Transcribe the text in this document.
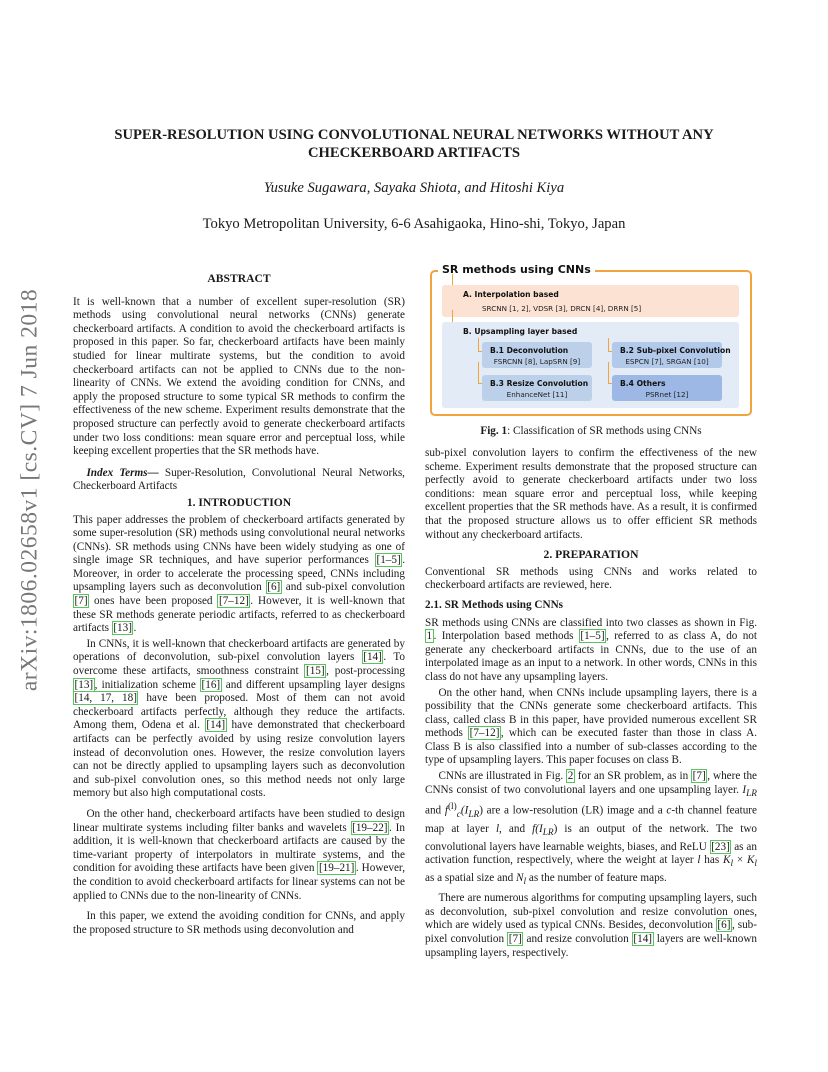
arXiv:1806.02658v1 [cs.CV] 7 Jun 2018
SUPER-RESOLUTION USING CONVOLUTIONAL NEURAL NETWORKS WITHOUT ANY
CHECKERBOARD ARTIFACTS
Yusuke Sugawara, Sayaka Shiota, and Hitoshi Kiya
Tokyo Metropolitan University, 6-6 Asahigaoka, Hino-shi, Tokyo, Japan
ABSTRACT

It is well-known that a number of excellent super-resolution (SR) methods using convolutional neural networks (CNNs) generate checkerboard artifacts. A condition to avoid the checkerboard artifacts is proposed in this paper. So far, checkerboard artifacts have been mainly studied for linear multirate systems, but the condition to avoid checkerboard artifacts can not be applied to CNNs due to the non-linearity of CNNs. We extend the avoiding condition for CNNs, and apply the proposed structure to some typical SR methods to confirm the effectiveness of the new scheme. Experiment results demonstrate that the proposed structure can perfectly avoid to generate checkerboard artifacts under two loss conditions: mean square error and perceptual loss, while keeping excellent properties that the SR methods have.

Index Terms— Super-Resolution, Convolutional Neural Networks, Checkerboard Artifacts

1. INTRODUCTION

This paper addresses the problem of checkerboard artifacts generated by some super-resolution (SR) methods using convolutional neural networks (CNNs). SR methods using CNNs have been widely studying as one of single image SR techniques, and have superior performances [1–5] . Moreover, in order to accelerate the processing speed, CNNs including upsampling layers such as deconvolution [6] and sub-pixel convolution [7] ones have been proposed [7–12] . However, it is well-known that these SR methods generate periodic artifacts, referred to as checkerboard artifacts [13] .

In CNNs, it is well-known that checkerboard artifacts are generated by operations of deconvolution, sub-pixel convolution layers [14] . To overcome these artifacts, smoothness constraint [15] , post-processing [13] , initialization scheme [16] and different upsampling layer designs [14, 17, 18] have been proposed. Most of them can not avoid checkerboard artifacts perfectly, although they reduce the artifacts. Among them, Odena et al. [14] have demonstrated that checkerboard artifacts can be perfectly avoided by using resize convolution layers instead of deconvolution ones. However, the resize convolution layers can not be directly applied to upsampling layers such as deconvolution and sub-pixel convolution ones, so this method needs not only large memory but also high computational costs.

On the other hand, checkerboard artifacts have been studied to design linear multirate systems including filter banks and wavelets [19–22] . In addition, it is well-known that checkerboard artifacts are caused by the time-variant property of interpolators in multirate systems, and the condition for avoiding these artifacts have been given [19–21] . However, the condition to avoid checkerboard artifacts for linear systems can not be applied to CNNs due to the non-linearity of CNNs.

In this paper, we extend the avoiding condition for CNNs, and apply the proposed structure to SR methods using deconvolution and

SR methods using CNNs
A. Interpolation based
SRCNN [1, 2], VDSR [3], DRCN [4], DRRN [5]
B. Upsampling layer based
B.1 Deconvolution
FSRCNN [8], LapSRN [9]
B.2 Sub-pixel Convolution
ESPCN [7], SRGAN [10]
B.3 Resize Convolution
EnhanceNet [11]
B.4 Others
PSRnet [12]
Fig. 1: Classification of SR methods using CNNs

sub-pixel convolution layers to confirm the effectiveness of the new scheme. Experiment results demonstrate that the proposed structure can perfectly avoid to generate checkerboard artifacts under two loss conditions: mean square error and perceptual loss, while keeping excellent properties that the SR methods have. As a result, it is confirmed that the proposed structure allows us to offer efficient SR methods without any checkerboard artifacts.

2. PREPARATION

Conventional SR methods using CNNs and works related to checkerboard artifacts are reviewed, here.

2.1. SR Methods using CNNs

SR methods using CNNs are classified into two classes as shown in Fig. 1 . Interpolation based methods [1–5] , referred to as class A, do not generate any checkerboard artifacts in CNNs, due to the use of an interpolated image as an input to a network. In other words, CNNs in this class do not have any upsampling layers.

On the other hand, when CNNs include upsampling layers, there is a possibility that the CNNs generate some checkerboard artifacts. This class, called class B in this paper, have provided numerous excellent SR methods [7–12] , which can be executed faster than those in class A. Class B is also classified into a number of sub-classes according to the type of upsampling layers. This paper focuses on class B.

CNNs are illustrated in Fig. 2 for an SR problem, as in [7] , where the CNNs consist of two convolutional layers and one upsampling layer. $I_{LR}$ and $f^{(l)}_c(I_{LR})$ are a low-resolution (LR) image and a c-th channel feature map at layer l, and $f(I_{LR})$ is an output of the network. The two convolutional layers have learnable weights, biases, and ReLU [23] as an activation function, respectively, where the weight at layer l has $K_l \times K_l$ as a spatial size and $N_l$ as the number of feature maps.

There are numerous algorithms for computing upsampling layers, such as deconvolution, sub-pixel convolution and resize convolution ones, which are widely used as typical CNNs. Besides, deconvolution [6] , sub-pixel convolution [7] and resize convolution [14] layers are well-known upsampling layers, respectively.
